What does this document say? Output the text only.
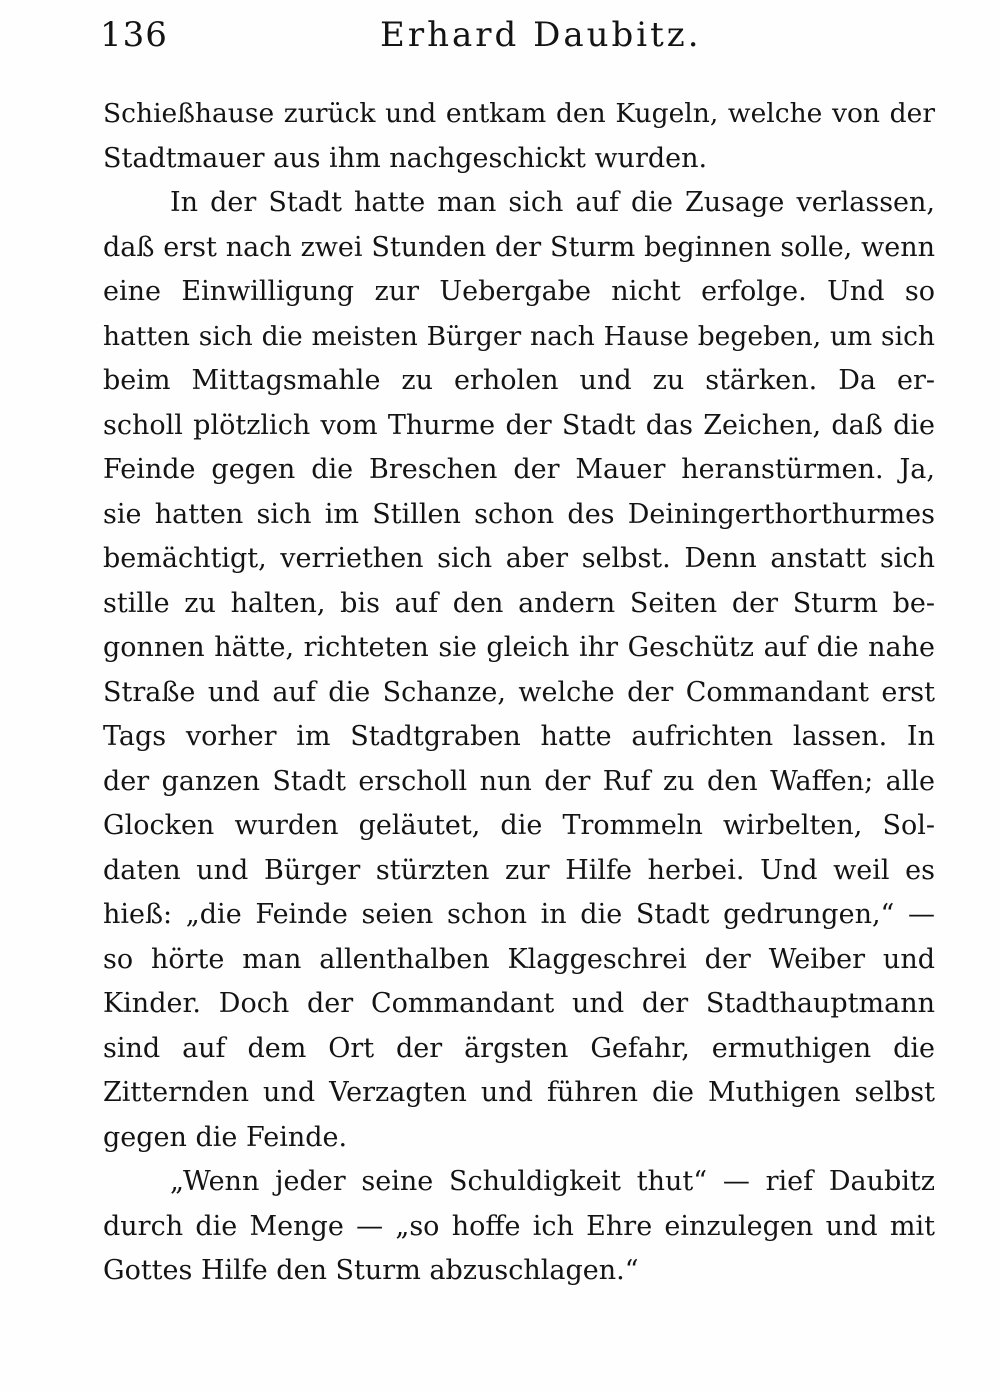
136	Erhard Daubitz.
Schießhause zurück und entkam den Kugeln, welche von der
Stadtmauer aus ihm nachgeschickt wurden.
In der Stadt hatte man sich auf die Zusage verlassen,
daß erst nach zwei Stunden der Sturm beginnen solle, wenn
eine Einwilligung zur Uebergabe nicht erfolge. Und so
hatten sich die meisten Bürger nach Hause begeben, um sich
beim Mittagsmahle zu erholen und zu stärken. Da er-
scholl plötzlich vom Thurme der Stadt das Zeichen, daß die
Feinde gegen die Breschen der Mauer heranstürmen. Ja,
sie hatten sich im Stillen schon des Deiningerthorthurmes
bemächtigt, verriethen sich aber selbst. Denn anstatt sich
stille zu halten, bis auf den andern Seiten der Sturm be-
gonnen hätte, richteten sie gleich ihr Geschütz auf die nahe
Straße und auf die Schanze, welche der Commandant erst
Tags vorher im Stadtgraben hatte aufrichten lassen. In
der ganzen Stadt erscholl nun der Ruf zu den Waffen; alle
Glocken wurden geläutet, die Trommeln wirbelten, Sol-
daten und Bürger stürzten zur Hilfe herbei. Und weil es
hieß: „die Feinde seien schon in die Stadt gedrungen,“ —
so hörte man allenthalben Klaggeschrei der Weiber und
Kinder. Doch der Commandant und der Stadthauptmann
sind auf dem Ort der ärgsten Gefahr, ermuthigen die
Zitternden und Verzagten und führen die Muthigen selbst
gegen die Feinde.
„Wenn jeder seine Schuldigkeit thut“ — rief Daubitz
durch die Menge — „so hoffe ich Ehre einzulegen und mit
Gottes Hilfe den Sturm abzuschlagen.“
